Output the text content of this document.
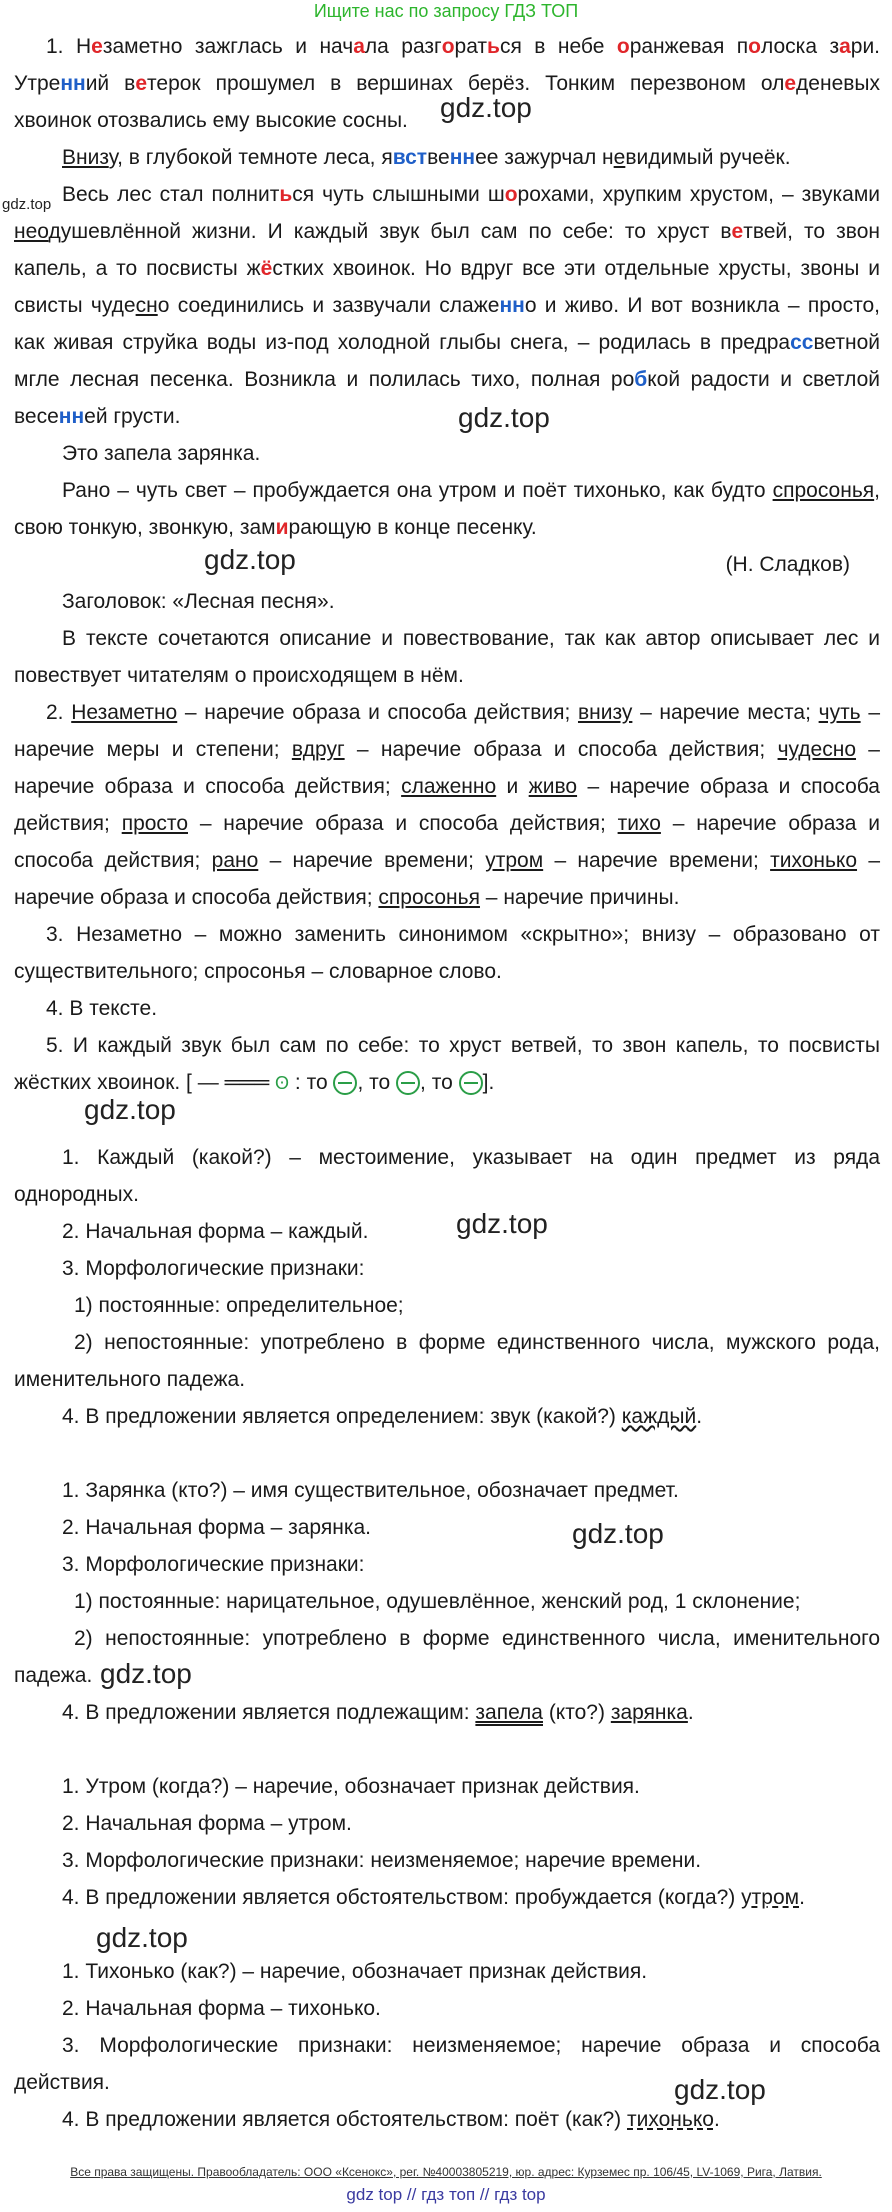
Ищите нас по запросу ГДЗ ТОП

1. Незаметно зажглась и начала разгораться в небе оранжевая полоска зари. Утренний ветерок прошумел в вершинах берёз. Тонким перезвоном оледеневых хвоинок отозвались ему высокие сосны.

Внизу, в глубокой темноте леса, явственнее зажурчал невидимый ручеёк.

Весь лес стал полниться чуть слышными шорохами, хрупким хрустом, – звуками неодушевлённой жизни. И каждый звук был сам по себе: то хруст ветвей, то звон капель, а то посвисты жёстких хвоинок. Но вдруг все эти отдельные хрусты, звоны и свисты чудесно соединились и зазвучали слаженно и живо. И вот возникла – просто, как живая струйка воды из-под холодной глыбы снега, – родилась в предрассветной мгле лесная песенка. Возникла и полилась тихо, полная робкой радости и светлой весенней грусти.

Это запела зарянка.

Рано – чуть свет – пробуждается она утром и поёт тихонько, как будто спросонья, свою тонкую, звонкую, замирающую в конце песенку.

(Н. Сладков)

Заголовок: «Лесная песня».

В тексте сочетаются описание и повествование, так как автор описывает лес и повествует читателям о происходящем в нём.

2. Незаметно – наречие образа и способа действия; внизу – наречие места; чуть – наречие меры и степени; вдруг – наречие образа и способа действия; чудесно – наречие образа и способа действия; слаженно и живо – наречие образа и способа действия; просто – наречие образа и способа действия; тихо – наречие образа и способа действия; рано – наречие времени; утром – наречие времени; тихонько – наречие образа и способа действия; спросонья – наречие причины.

3. Незаметно – можно заменить синонимом «скрытно»; внизу – образовано от существительного; спросонья – словарное слово.

4. В тексте.

5. И каждый звук был сам по себе: то хруст ветвей, то звон капель, то посвисты жёстких хвоинок. [ — ═══ ʘ : то , то , то ].

1. Каждый (какой?) – местоимение, указывает на один предмет из ряда однородных.

2. Начальная форма – каждый.

3. Морфологические признаки:

1) постоянные: определительное;

2) непостоянные: употреблено в форме единственного числа, мужского рода, именительного падежа.

4. В предложении является определением: звук (какой?) каждый.

1. Зарянка (кто?) – имя существительное, обозначает предмет.

2. Начальная форма – зарянка.

3. Морфологические признаки:

1) постоянные: нарицательное, одушевлённое, женский род, 1 склонение;

2) непостоянные: употреблено в форме единственного числа, именительного падежа.

4. В предложении является подлежащим: запела (кто?) зарянка.

1. Утром (когда?) – наречие, обозначает признак действия.

2. Начальная форма – утром.

3. Морфологические признаки: неизменяемое; наречие времени.

4. В предложении является обстоятельством: пробуждается (когда?) утром.

1. Тихонько (как?) – наречие, обозначает признак действия.

2. Начальная форма – тихонько.

3. Морфологические признаки: неизменяемое; наречие образа и способа действия.

4. В предложении является обстоятельством: поёт (как?) тихонько.

gdz.top
gdz.top
gdz.top
gdz.top
gdz.top
gdz.top
gdz.top
gdz.top
gdz.top
gdz.top
Все права защищены. Правообладатель: ООО «Ксенокс», рег. №40003805219, юр. адрес: Курземес пр. 106/45, LV-1069, Рига, Латвия.
gdz top // гдз топ // гдз top
